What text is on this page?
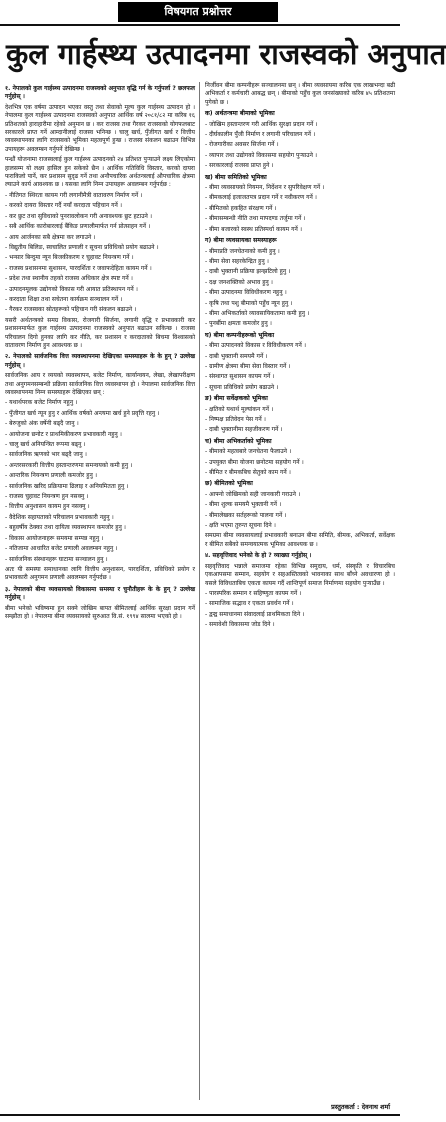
विषयगत प्रश्नोत्तर
कुल गार्हस्थ्य उत्पादनमा राजस्वको अनुपात

१. नेपालको कुल गार्हस्थ्य उत्पादनमा राजस्वको अनुपात वृद्धि गर्न के गर्नुपर्ला ? छलफल गर्नुहोस् ।

देशभित्र एक वर्षमा उत्पादन भएका वस्तु तथा सेवाको मूल्य कुल गार्हस्थ्य उत्पादन हो । नेपालमा कुल गार्हस्थ्य उत्पादनमा राजस्वको अनुपात आर्थिक वर्ष २०८१/८२ मा करिब १६ प्रतिशतको हाराहारीमा रहेको अनुमान छ । कर राजस्व तथा गैरकर राजस्वको योगफलबाट सरकारले प्राप्त गर्ने आम्दानीलाई राजस्व भनिन्छ । चालु खर्च, पुँजीगत खर्च र वित्तीय व्यवस्थापनका लागि राजस्वको भूमिका महत्वपूर्ण हुन्छ । राजस्व संकलन बढाउन विभिन्न उपायहरू अवलम्बन गर्नुपर्ने देखिन्छ ।

पन्ध्रौं योजनामा राजस्वलाई कुल गार्हस्थ्य उत्पादनको २४ प्रतिशत पुर्‍याउने लक्ष्य लिएकोमा हालसम्म यो लक्ष्य हासिल हुन सकेको छैन । आर्थिक गतिविधि विस्तार, करको दायरा फराकिलो पार्ने, कर प्रशासन सुदृढ गर्ने तथा अनौपचारिक अर्थतन्त्रलाई औपचारिक क्षेत्रमा ल्याउने कार्य आवश्यक छ । यसका लागि निम्न उपायहरू अवलम्बन गर्नुपर्दछ :

- नीतिगत स्थिरता कायम गरी लगानीमैत्री वातावरण निर्माण गर्ने ।

- करको दायरा विस्तार गर्दै नयाँ करदाता पहिचान गर्ने ।

- कर छुट तथा सुविधाको पुनरावलोकन गरी अनावश्यक छुट हटाउने ।

- सबै आर्थिक कारोबारलाई बैंकिङ प्रणालीमार्फत गर्न प्रोत्साहन गर्ने ।

- आय आर्जनका सबै क्षेत्रमा कर लगाउने ।

- विद्युतीय बिलिङ, स्वचालित प्रणाली र सूचना प्रविधिको प्रयोग बढाउने ।

- भन्सार बिन्दुमा न्यून बिजकीकरण र चुहावट नियन्त्रण गर्ने ।

- राजस्व प्रशासनमा सुशासन, पारदर्शिता र जवाफदेहिता कायम गर्ने ।

- प्रदेश तथा स्थानीय तहको राजस्व अधिकार क्षेत्र स्पष्ट गर्ने ।

- उत्पादनमूलक उद्योगको विकास गरी आयात प्रतिस्थापन गर्ने ।

- करदाता शिक्षा तथा सचेतना कार्यक्रम सञ्चालन गर्ने ।

- गैरकर राजस्वका स्रोतहरूको पहिचान गरी संकलन बढाउने ।

यसरी अर्थतन्त्रको समग्र विकास, रोजगारी सिर्जना, लगानी वृद्धि र प्रभावकारी कर प्रशासनमार्फत कुल गार्हस्थ्य उत्पादनमा राजस्वको अनुपात बढाउन सकिन्छ । राजस्व परिचालन दिगो हुनका लागि कर नीति, कर प्रशासन र करदाताको बिचमा विश्वासको वातावरण निर्माण हुन आवश्यक छ ।

२. नेपालको सार्वजनिक वित्त व्यवस्थापनमा देखिएका समस्याहरू के के हुन् ? उल्लेख गर्नुहोस् ।

सार्वजनिक आय र व्ययको व्यवस्थापन, बजेट निर्माण, कार्यान्वयन, लेखा, लेखापरीक्षण तथा अनुगमनसम्बन्धी प्रक्रिया सार्वजनिक वित्त व्यवस्थापन हो । नेपालमा सार्वजनिक वित्त व्यवस्थापनमा निम्न समस्याहरू देखिएका छन् :

- यथार्थपरक बजेट निर्माण नहुनु ।

- पुँजीगत खर्च न्यून हुनु र आर्थिक वर्षको अन्त्यमा खर्च हुने प्रवृत्ति रहनु ।

- बेरुजुको अंक वर्षेनी बढ्दै जानु ।

- आयोजना छनोट र प्राथमिकीकरण प्रभावकारी नहुनु ।

- चालु खर्च अनियन्त्रित रूपमा बढ्नु ।

- सार्वजनिक ऋणको भार बढ्दै जानु ।

- अन्तरसरकारी वित्तीय हस्तान्तरणमा समन्वयको कमी हुनु ।

- आन्तरिक नियन्त्रण प्रणाली कमजोर हुनु ।

- सार्वजनिक खरिद प्रक्रियामा ढिलाइ र अनियमितता हुनु ।

- राजस्व चुहावट नियन्त्रण हुन नसक्नु ।

- वित्तीय अनुशासन कायम हुन नसक्नु ।

- वैदेशिक सहायताको परिचालन प्रभावकारी नहुनु ।

- बहुवर्षीय ठेक्का तथा दायित्व व्यवस्थापन कमजोर हुनु ।

- विकास आयोजनाहरू समयमा सम्पन्न नहुनु ।

- नतिजामा आधारित बजेट प्रणाली अवलम्बन नहुनु ।

- सार्वजनिक संस्थानहरू घाटामा सञ्चालन हुनु ।

अतः यी समस्या समाधानका लागि वित्तीय अनुशासन, पारदर्शिता, प्रविधिको प्रयोग र प्रभावकारी अनुगमन प्रणाली अवलम्बन गर्नुपर्दछ ।

३. नेपालको बीमा व्यवसायको विकासमा समस्या र चुनौतीहरू के के हुन् ? उल्लेख गर्नुहोस् ।

बीमा भनेको भविष्यमा हुन सक्ने जोखिम बापत बीमितलाई आर्थिक सुरक्षा प्रदान गर्ने सम्झौता हो । नेपालमा बीमा व्यवसायको सुरुआत वि.सं. १९९४ सालमा भएको हो ।

निर्जीवन बीमा कम्पनीहरू सञ्चालनमा छन् । बीमा व्यवसायमा करिब एक लाखभन्दा बढी अभिकर्ता र कर्मचारी आबद्ध छन् । बीमाको पहुँच कुल जनसंख्याको करिब ४५ प्रतिशतमा पुगेको छ ।

क) अर्थतन्त्रमा बीमाको भूमिका

- जोखिम हस्तान्तरण गरी आर्थिक सुरक्षा प्रदान गर्ने ।

- दीर्घकालीन पुँजी निर्माण र लगानी परिचालन गर्ने ।

- रोजगारीका अवसर सिर्जना गर्ने ।

- व्यापार तथा उद्योगको विकासमा सहयोग पुर्‍याउने ।

- सरकारलाई राजस्व प्राप्त हुने ।

ख) बीमा समितिको भूमिका

- बीमा व्यवसायको नियमन, निर्देशन र सुपरिवेक्षण गर्ने ।

- बीमकलाई इजाजतपत्र प्रदान गर्ने र नवीकरण गर्ने ।

- बीमितको हकहित संरक्षण गर्ने ।

- बीमासम्बन्धी नीति तथा मापदण्ड तर्जुमा गर्ने ।

- बीमा बजारको स्वस्थ प्रतिस्पर्धा कायम गर्ने ।

ग) बीमा व्यवसायका समस्याहरू

- बीमाप्रति जनचेतनाको कमी हुनु ।

- बीमा सेवा सहरकेन्द्रित हुनु ।

- दाबी भुक्तानी प्रक्रिया झन्झटिलो हुनु ।

- दक्ष जनशक्तिको अभाव हुनु ।

- बीमा उत्पादनमा विविधीकरण नहुनु ।

- कृषि तथा पशु बीमाको पहुँच न्यून हुनु ।

- बीमा अभिकर्ताको व्यावसायिकतामा कमी हुनु ।

- पुनर्बीमा क्षमता कमजोर हुनु ।

घ) बीमा कम्पनीहरूको भूमिका

- बीमा उत्पादनको विकास र विविधीकरण गर्ने ।

- दाबी भुक्तानी समयमै गर्ने ।

- ग्रामीण क्षेत्रमा बीमा सेवा विस्तार गर्ने ।

- संस्थागत सुशासन कायम गर्ने ।

- सूचना प्रविधिको प्रयोग बढाउने ।

ङ) बीमा सर्वेक्षकको भूमिका

- क्षतिको यथार्थ मूल्यांकन गर्ने ।

- निष्पक्ष प्रतिवेदन पेस गर्ने ।

- दाबी भुक्तानीमा सहजीकरण गर्ने ।

च) बीमा अभिकर्ताको भूमिका

- बीमाको महत्वबारे जनचेतना फैलाउने ।

- उपयुक्त बीमा योजना छनोटमा सहयोग गर्ने ।

- बीमित र बीमकबिच सेतुको काम गर्ने ।

छ) बीमितको भूमिका

- आफ्नो जोखिमको सही जानकारी गराउने ।

- बीमा शुल्क समयमै भुक्तानी गर्ने ।

- बीमालेखका सर्तहरूको पालना गर्ने ।

- क्षति भएमा तुरुन्त सूचना दिने ।

समग्रमा बीमा व्यवसायलाई प्रभावकारी बनाउन बीमा समिति, बीमक, अभिकर्ता, सर्वेक्षक र बीमित सबैको समन्वयात्मक भूमिका आवश्यक छ ।

४. सहवृत्तिवाद भनेको के हो ? व्याख्या गर्नुहोस् ।

सहवृत्तिवाद भन्नाले समाजमा रहेका विभिन्न समुदाय, धर्म, संस्कृति र विचारबिच एकआपसमा सम्मान, सहयोग र सहअस्तित्वको भावनाका साथ बाँच्ने अवधारणा हो । यसले विविधताबिच एकता कायम गर्दै शान्तिपूर्ण समाज निर्माणमा सहयोग पुर्‍याउँछ ।

- पारस्परिक सम्मान र सहिष्णुता कायम गर्ने ।

- सामाजिक सद्भाव र एकता प्रवर्धन गर्ने ।

- द्वन्द्व समाधानमा संवादलाई प्राथमिकता दिने ।

- समावेशी विकासमा जोड दिने ।

प्रस्तुतकर्ता : देवनाथ शर्मा
